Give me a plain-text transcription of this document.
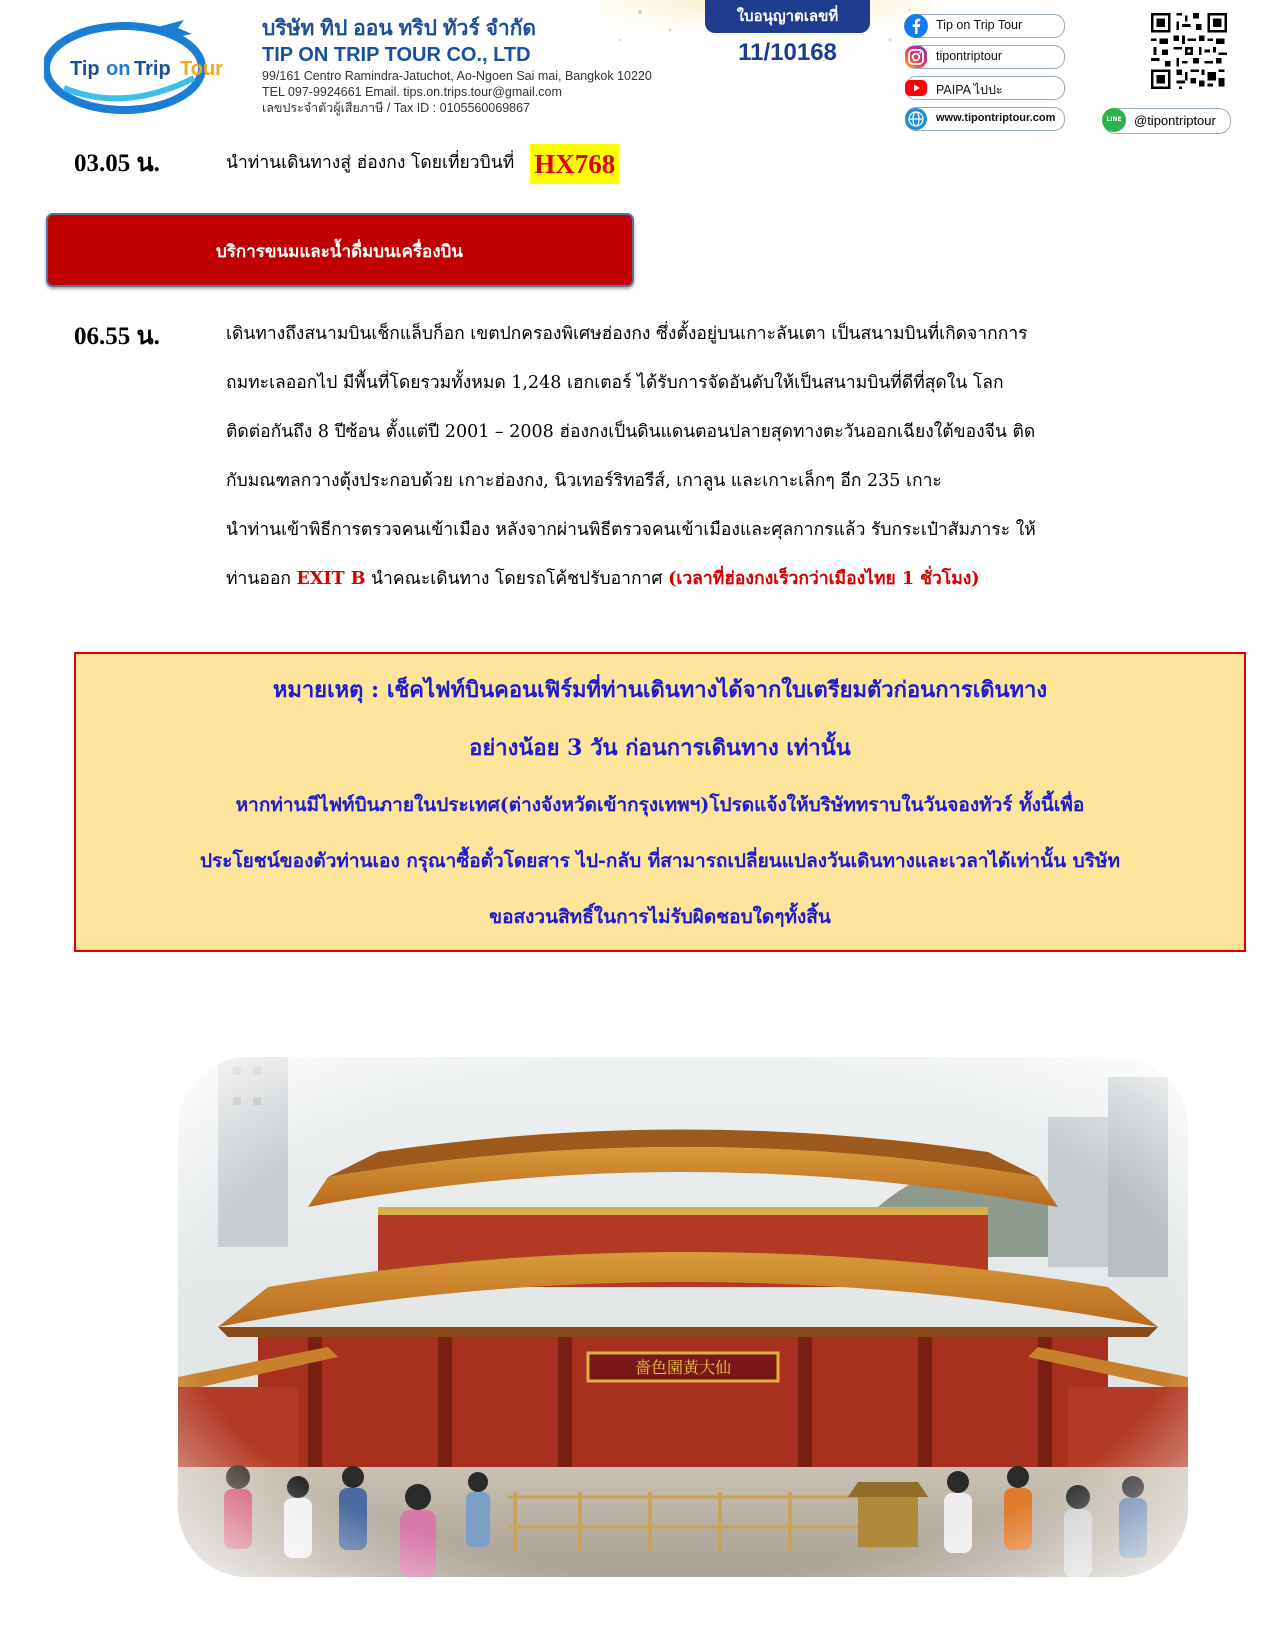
Tip on Trip Tour
บริษัท ทิป ออน ทริป ทัวร์ จำกัด
TIP ON TRIP TOUR CO., LTD
99/161 Centro Ramindra-Jatuchot, Ao-Ngoen Sai mai, Bangkok 10220
TEL 097-9924661 Email. tips.on.trips.tour@gmail.com
เลขประจำตัวผู้เสียภาษี / Tax ID : 0105560069867
ใบอนุญาตเลขที่
11/10168
Tip on Trip Tour
tipontriptour
PAIPA ไปปะ
www.tipontriptour.com	LINE @tipontriptour
03.05 น.	นำท่านเดินทางสู่ ฮ่องกง โดยเที่ยวบินที่ HX768
บริการขนมและน้ำดื่มบนเครื่องบิน
06.55 น.	เดินทางถึงสนามบินเช็กแล็บก็อก เขตปกครองพิเศษฮ่องกง ซึ่งตั้งอยู่บนเกาะลันเตา เป็นสนามบินที่เกิดจากการ
ถมทะเลออกไป มีพื้นที่โดยรวมทั้งหมด 1,248 เฮกเตอร์ ได้รับการจัดอันดับให้เป็นสนามบินที่ดีที่สุดใน โลก
ติดต่อกันถึง 8 ปีซ้อน ตั้งแต่ปี 2001 – 2008 ฮ่องกงเป็นดินแดนตอนปลายสุดทางตะวันออกเฉียงใต้ของจีน ติด
กับมณฑลกวางตุ้งประกอบด้วย เกาะฮ่องกง, นิวเทอร์ริทอรีส์, เกาลูน และเกาะเล็กๆ อีก 235 เกาะ
นำท่านเข้าพิธีการตรวจคนเข้าเมือง หลังจากผ่านพิธีตรวจคนเข้าเมืองและศุลกากรแล้ว รับกระเป๋าสัมภาระ ให้
ท่านออก EXIT B นำคณะเดินทาง โดยรถโค้ชปรับอากาศ (เวลาที่ฮ่องกงเร็วกว่าเมืองไทย 1 ชั่วโมง)
หมายเหตุ : เช็คไฟท์บินคอนเฟิร์มที่ท่านเดินทางได้จากใบเตรียมตัวก่อนการเดินทาง
อย่างน้อย 3 วัน ก่อนการเดินทาง เท่านั้น
หากท่านมีไฟท์บินภายในประเทศ(ต่างจังหวัดเข้ากรุงเทพฯ)โปรดแจ้งให้บริษัททราบในวันจองทัวร์ ทั้งนี้เพื่อ
ประโยชน์ของตัวท่านเอง กรุณาซื้อตั๋วโดยสาร ไป-กลับ ที่สามารถเปลี่ยนแปลงวันเดินทางและเวลาได้เท่านั้น บริษัท
ขอสงวนสิทธิ์ในการไม่รับผิดชอบใดๆทั้งสิ้น
